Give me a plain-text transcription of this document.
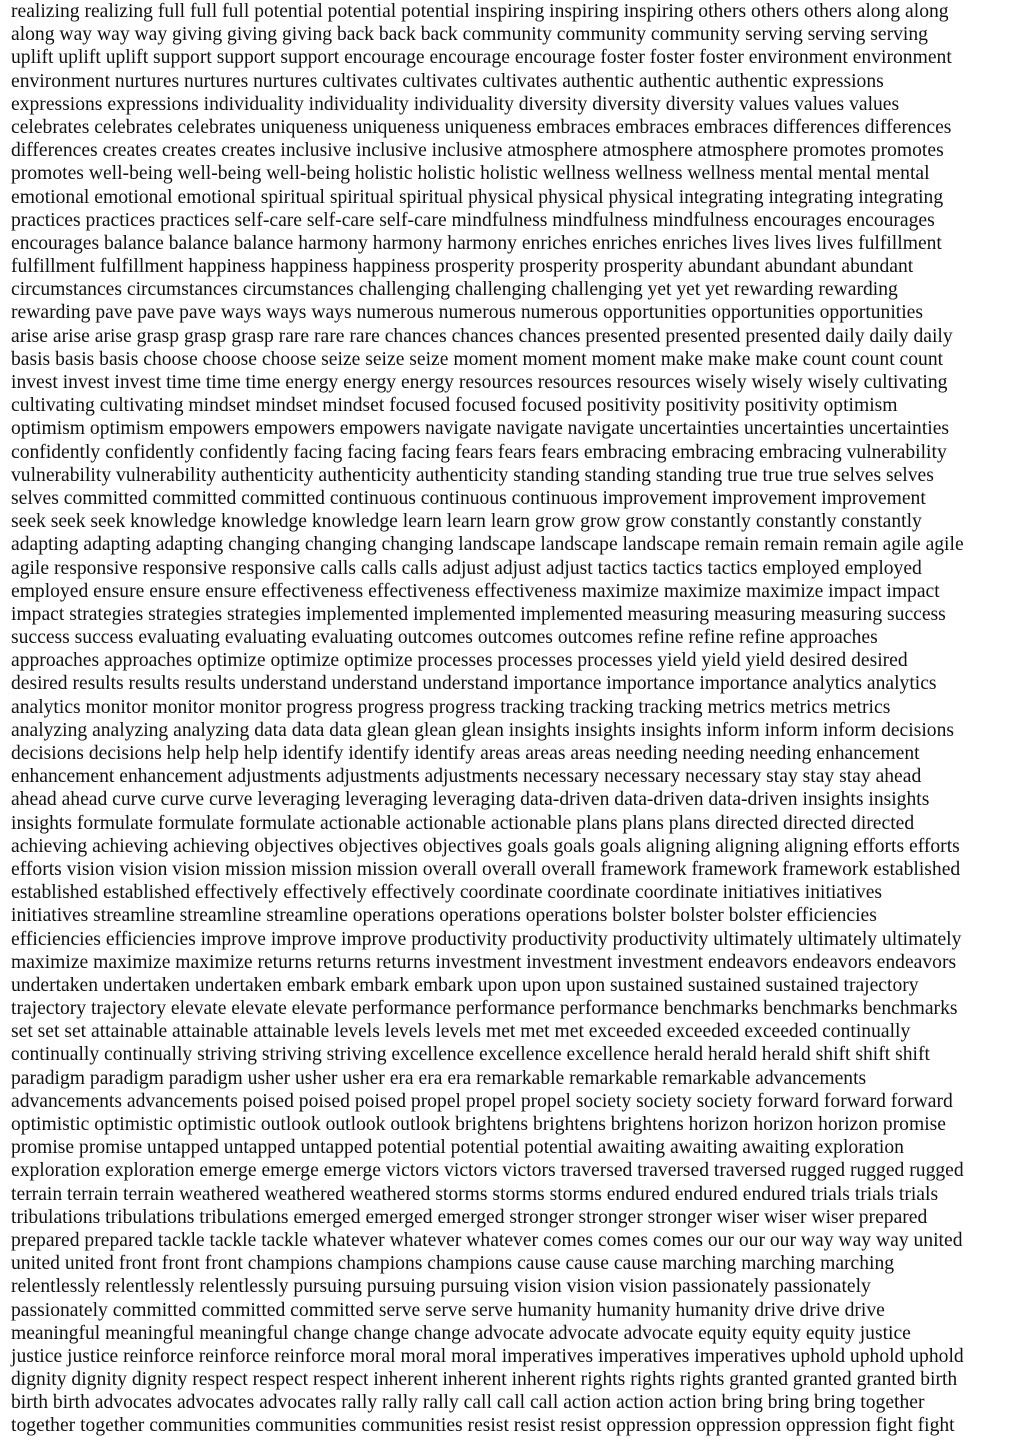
realizing realizing full full full potential potential potential inspiring inspiring inspiring others others others along along
along way way way giving giving giving back back back community community community serving serving serving
uplift uplift uplift support support support encourage encourage encourage foster foster foster environment environment
environment nurtures nurtures nurtures cultivates cultivates cultivates authentic authentic authentic expressions
expressions expressions individuality individuality individuality diversity diversity diversity values values values
celebrates celebrates celebrates uniqueness uniqueness uniqueness embraces embraces embraces differences differences
differences creates creates creates inclusive inclusive inclusive atmosphere atmosphere atmosphere promotes promotes
promotes well-being well-being well-being holistic holistic holistic wellness wellness wellness mental mental mental
emotional emotional emotional spiritual spiritual spiritual physical physical physical integrating integrating integrating
practices practices practices self-care self-care self-care mindfulness mindfulness mindfulness encourages encourages
encourages balance balance balance harmony harmony harmony enriches enriches enriches lives lives lives fulfillment
fulfillment fulfillment happiness happiness happiness prosperity prosperity prosperity abundant abundant abundant
circumstances circumstances circumstances challenging challenging challenging yet yet yet rewarding rewarding
rewarding pave pave pave ways ways ways numerous numerous numerous opportunities opportunities opportunities
arise arise arise grasp grasp grasp rare rare rare chances chances chances presented presented presented daily daily daily
basis basis basis choose choose choose seize seize seize moment moment moment make make make count count count
invest invest invest time time time energy energy energy resources resources resources wisely wisely wisely cultivating
cultivating cultivating mindset mindset mindset focused focused focused positivity positivity positivity optimism
optimism optimism empowers empowers empowers navigate navigate navigate uncertainties uncertainties uncertainties
confidently confidently confidently facing facing facing fears fears fears embracing embracing embracing vulnerability
vulnerability vulnerability authenticity authenticity authenticity standing standing standing true true true selves selves
selves committed committed committed continuous continuous continuous improvement improvement improvement
seek seek seek knowledge knowledge knowledge learn learn learn grow grow grow constantly constantly constantly
adapting adapting adapting changing changing changing landscape landscape landscape remain remain remain agile agile
agile responsive responsive responsive calls calls calls adjust adjust adjust tactics tactics tactics employed employed
employed ensure ensure ensure effectiveness effectiveness effectiveness maximize maximize maximize impact impact
impact strategies strategies strategies implemented implemented implemented measuring measuring measuring success
success success evaluating evaluating evaluating outcomes outcomes outcomes refine refine refine approaches
approaches approaches optimize optimize optimize processes processes processes yield yield yield desired desired
desired results results results understand understand understand importance importance importance analytics analytics
analytics monitor monitor monitor progress progress progress tracking tracking tracking metrics metrics metrics
analyzing analyzing analyzing data data data glean glean glean insights insights insights inform inform inform decisions
decisions decisions help help help identify identify identify areas areas areas needing needing needing enhancement
enhancement enhancement adjustments adjustments adjustments necessary necessary necessary stay stay stay ahead
ahead ahead curve curve curve leveraging leveraging leveraging data-driven data-driven data-driven insights insights
insights formulate formulate formulate actionable actionable actionable plans plans plans directed directed directed
achieving achieving achieving objectives objectives objectives goals goals goals aligning aligning aligning efforts efforts
efforts vision vision vision mission mission mission overall overall overall framework framework framework established
established established effectively effectively effectively coordinate coordinate coordinate initiatives initiatives
initiatives streamline streamline streamline operations operations operations bolster bolster bolster efficiencies
efficiencies efficiencies improve improve improve productivity productivity productivity ultimately ultimately ultimately
maximize maximize maximize returns returns returns investment investment investment endeavors endeavors endeavors
undertaken undertaken undertaken embark embark embark upon upon upon sustained sustained sustained trajectory
trajectory trajectory elevate elevate elevate performance performance performance benchmarks benchmarks benchmarks
set set set attainable attainable attainable levels levels levels met met met exceeded exceeded exceeded continually
continually continually striving striving striving excellence excellence excellence herald herald herald shift shift shift
paradigm paradigm paradigm usher usher usher era era era remarkable remarkable remarkable advancements
advancements advancements poised poised poised propel propel propel society society society forward forward forward
optimistic optimistic optimistic outlook outlook outlook brightens brightens brightens horizon horizon horizon promise
promise promise untapped untapped untapped potential potential potential awaiting awaiting awaiting exploration
exploration exploration emerge emerge emerge victors victors victors traversed traversed traversed rugged rugged rugged
terrain terrain terrain weathered weathered weathered storms storms storms endured endured endured trials trials trials
tribulations tribulations tribulations emerged emerged emerged stronger stronger stronger wiser wiser wiser prepared
prepared prepared tackle tackle tackle whatever whatever whatever comes comes comes our our our way way way united
united united front front front champions champions champions cause cause cause marching marching marching
relentlessly relentlessly relentlessly pursuing pursuing pursuing vision vision vision passionately passionately
passionately committed committed committed serve serve serve humanity humanity humanity drive drive drive
meaningful meaningful meaningful change change change advocate advocate advocate equity equity equity justice
justice justice reinforce reinforce reinforce moral moral moral imperatives imperatives imperatives uphold uphold uphold
dignity dignity dignity respect respect respect inherent inherent inherent rights rights rights granted granted granted birth
birth birth advocates advocates advocates rally rally rally call call call action action action bring bring bring together
together together communities communities communities resist resist resist oppression oppression oppression fight fight
